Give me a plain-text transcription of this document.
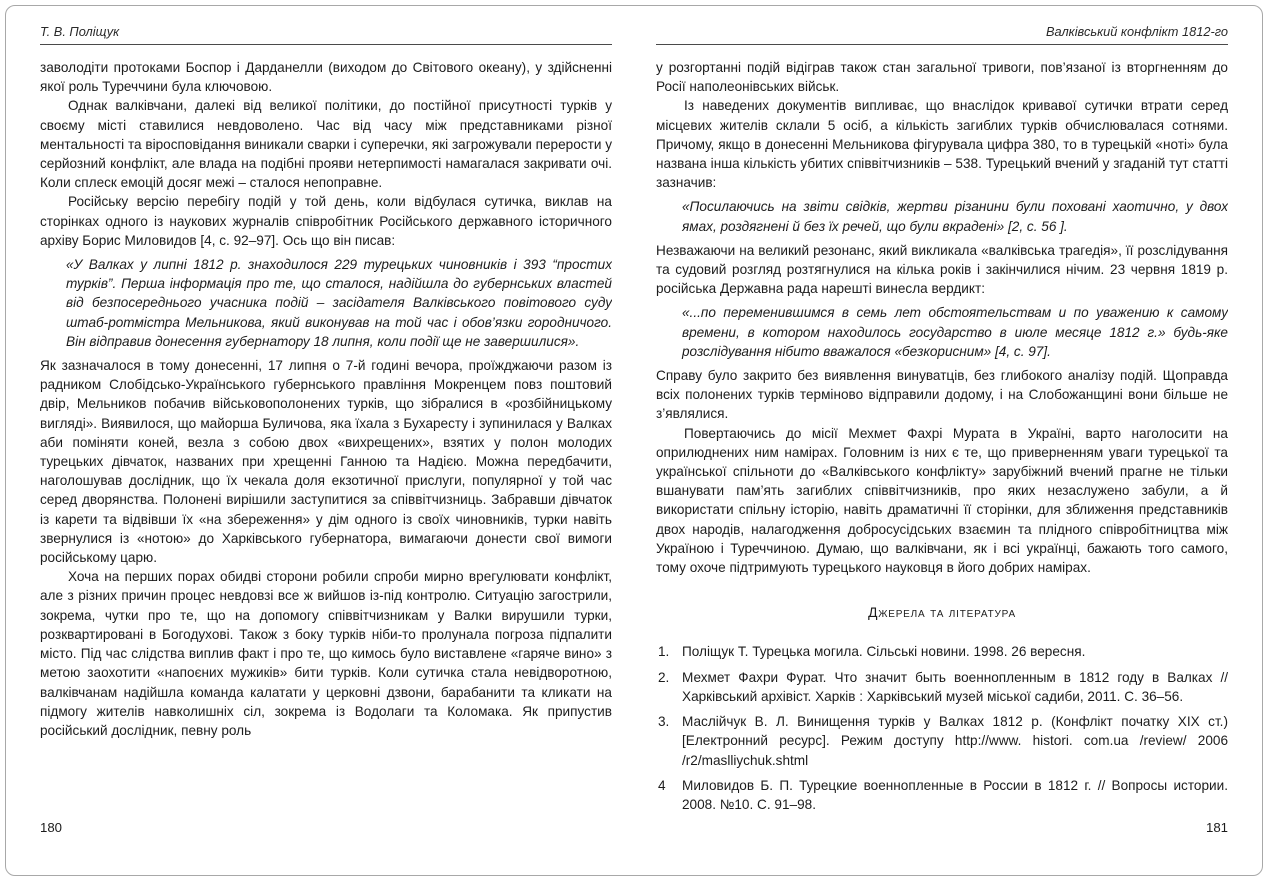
Т. В. Поліщук

заволодіти протоками Боспор і Дарданелли (виходом до Світового океану), у здійсненні якої роль Туреччини була ключовою.

Однак валківчани, далекі від великої політики, до постійної присутності турків у своєму місті ставилися невдоволено. Час від часу між представниками різної ментальності та віросповідання виникали сварки і суперечки, які загрожували перерости у серйозний конфлікт, але влада на подібні прояви нетерпимості намагалася закривати очі. Коли сплеск емоцій досяг межі – сталося непоправне.

Російську версію перебігу подій у той день, коли відбулася сутичка, виклав на сторінках одного із наукових журналів співробітник Російського державного історичного архіву Борис Миловидов [4, с. 92–97]. Ось що він писав:

«У Валках у липні 1812 р. знаходилося 229 турецьких чиновників і 393 “простих турків”. Перша інформація про те, що сталося, надійшла до губернських властей від безпосереднього учасника подій – засідателя Валківського повітового суду штаб-ротмістра Мельникова, який виконував на той час і обов’язки городничого. Він відправив донесення губернатору 18 липня, коли події ще не завершилися».

Як зазначалося в тому донесенні, 17 липня о 7-й годині вечора, проїжджаючи разом із радником Слобідсько-Українського губернського правління Мокренцем повз поштовий двір, Мельников побачив військовополонених турків, що зібралися в «розбійницькому вигляді». Виявилося, що майорша Буличова, яка їхала з Бухаресту і зупинилася у Валках аби поміняти коней, везла з собою двох «вихрещених», взятих у полон молодих турецьких дівчаток, названих при хрещенні Ганною та Надією. Можна передбачити, наголошував дослідник, що їх чекала доля екзотичної прислуги, популярної у той час серед дворянства. Полонені вирішили заступитися за співвітчизниць. Забравши дівчаток із карети та відвівши їх «на збереження» у дім одного із своїх чиновників, турки навіть звернулися із «нотою» до Харківського губернатора, вимагаючи донести свої вимоги російському царю.

Хоча на перших порах обидві сторони робили спроби мирно врегулювати конфлікт, але з різних причин процес невдовзі все ж вийшов із-під контролю. Ситуацію загострили, зокрема, чутки про те, що на допомогу співвітчизникам у Валки вирушили турки, розквартировані в Богодухові. Також з боку турків ніби-то пролунала погроза підпалити місто. Під час слідства виплив факт і про те, що кимось було виставлене «гаряче вино» з метою заохотити «напоєних мужиків» бити турків. Коли сутичка стала невідворотною, валківчанам надійшла команда калатати у церковні дзвони, барабанити та кликати на підмогу жителів навколишніх сіл, зокрема із Водолаги та Коломака. Як припустив російський дослідник, певну роль

180
Валківський конфлікт 1812-го

у розгортанні подій відіграв також стан загальної тривоги, пов’язаної із вторгненням до Росії наполеонівських військ.

Із наведених документів випливає, що внаслідок кривавої сутички втрати серед місцевих жителів склали 5 осіб, а кількість загиблих турків обчислювалася сотнями. Причому, якщо в донесенні Мельникова фігурувала цифра 380, то в турецькій «ноті» була названа інша кількість убитих співвітчизників – 538. Турецький вчений у згаданій тут статті зазначив:

«Посилаючись на звіти свідків, жертви різанини були поховані хаотично, у двох ямах, роздягнені й без їх речей, що були вкрадені» [2, с. 56 ].

Незважаючи на великий резонанс, який викликала «валківська трагедія», її розслідування та судовий розгляд розтягнулися на кілька років і закінчилися нічим. 23 червня 1819 р. російська Державна рада нарешті винесла вердикт:

«...по переменившимся в семь лет обстоятельствам и по уважению к самому времени, в котором находилось государство в июле месяце 1812 г.» будь-яке розслідування нібито вважалося «безкорисним» [4, с. 97].

Справу було закрито без виявлення винуватців, без глибокого аналізу подій. Щоправда всіх полонених турків терміново відправили додому, і на Слобожанщині вони більше не з’являлися.

Повертаючись до місії Мехмет Фахрі Мурата в Україні, варто наголосити на оприлюднених ним намірах. Головним із них є те, що приверненням уваги турецької та української спільноти до «Валківського конфлікту» зарубіжний вчений прагне не тільки вшанувати пам’ять загиблих співвітчизників, про яких незаслужено забули, а й використати спільну історію, навіть драматичні її сторінки, для зближення представників двох народів, налагодження добросусідських взаємин та плідного співробітництва між Україною і Туреччиною. Думаю, що валківчани, як і всі українці, бажають того самого, тому охоче підтримують турецького науковця в його добрих намірах.

Джерела та література
1. Поліщук Т. Турецька могила. Сільські новини. 1998. 26 вересня.
2. Мехмет Фахри Фурат. Что значит быть военнопленным в 1812 году в Валках // Харківський архівіст. Харків : Харківський музей міської садиби, 2011. С. 36–56.
3. Маслійчук В. Л. Винищення турків у Валках 1812 р. (Конфлікт початку XIX ст.) [Електронний ресурс]. Режим доступу http://www. histori. com.ua /review/ 2006 /r2/maslliychuk.shtml
4	Миловидов Б. П. Турецкие военнопленные в России в 1812 г. // Вопросы истории. 2008. №10. С. 91–98.
181
